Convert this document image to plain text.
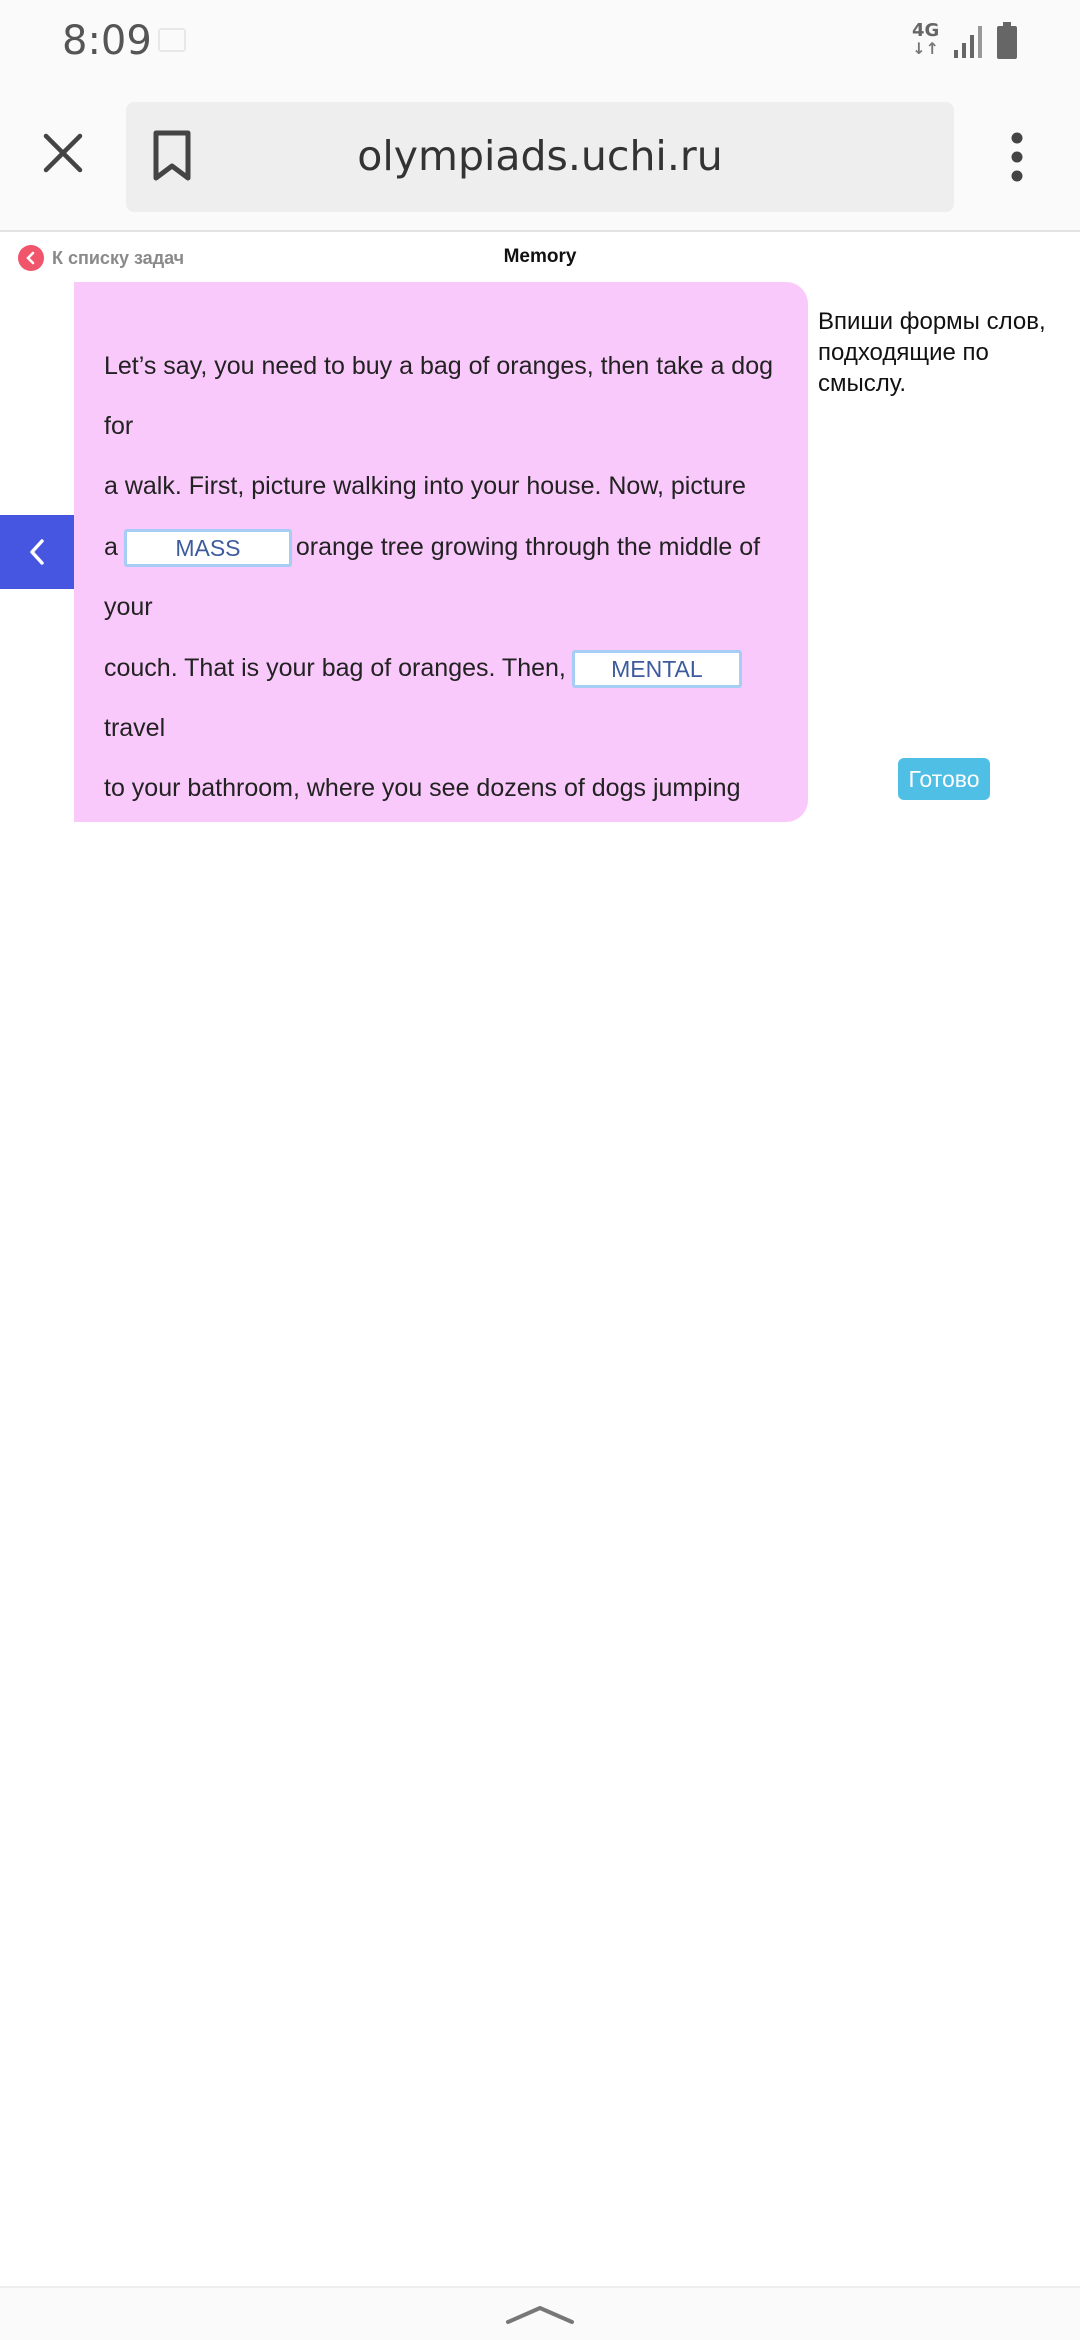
8:09	4G
↓↑
olympiads.uchi.ru
К списку задач	Memory
Let’s say, you need to buy a bag of oranges, then take a dog
for
a walk. First, picture walking into your house. Now, picture
a MASS orange tree growing through the middle of
your
couch. That is your bag of oranges. Then, MENTAL
travel
to your bathroom, where you see dozens of dogs jumping
Впиши формы слов, подходящие по смыслу.
Готово
